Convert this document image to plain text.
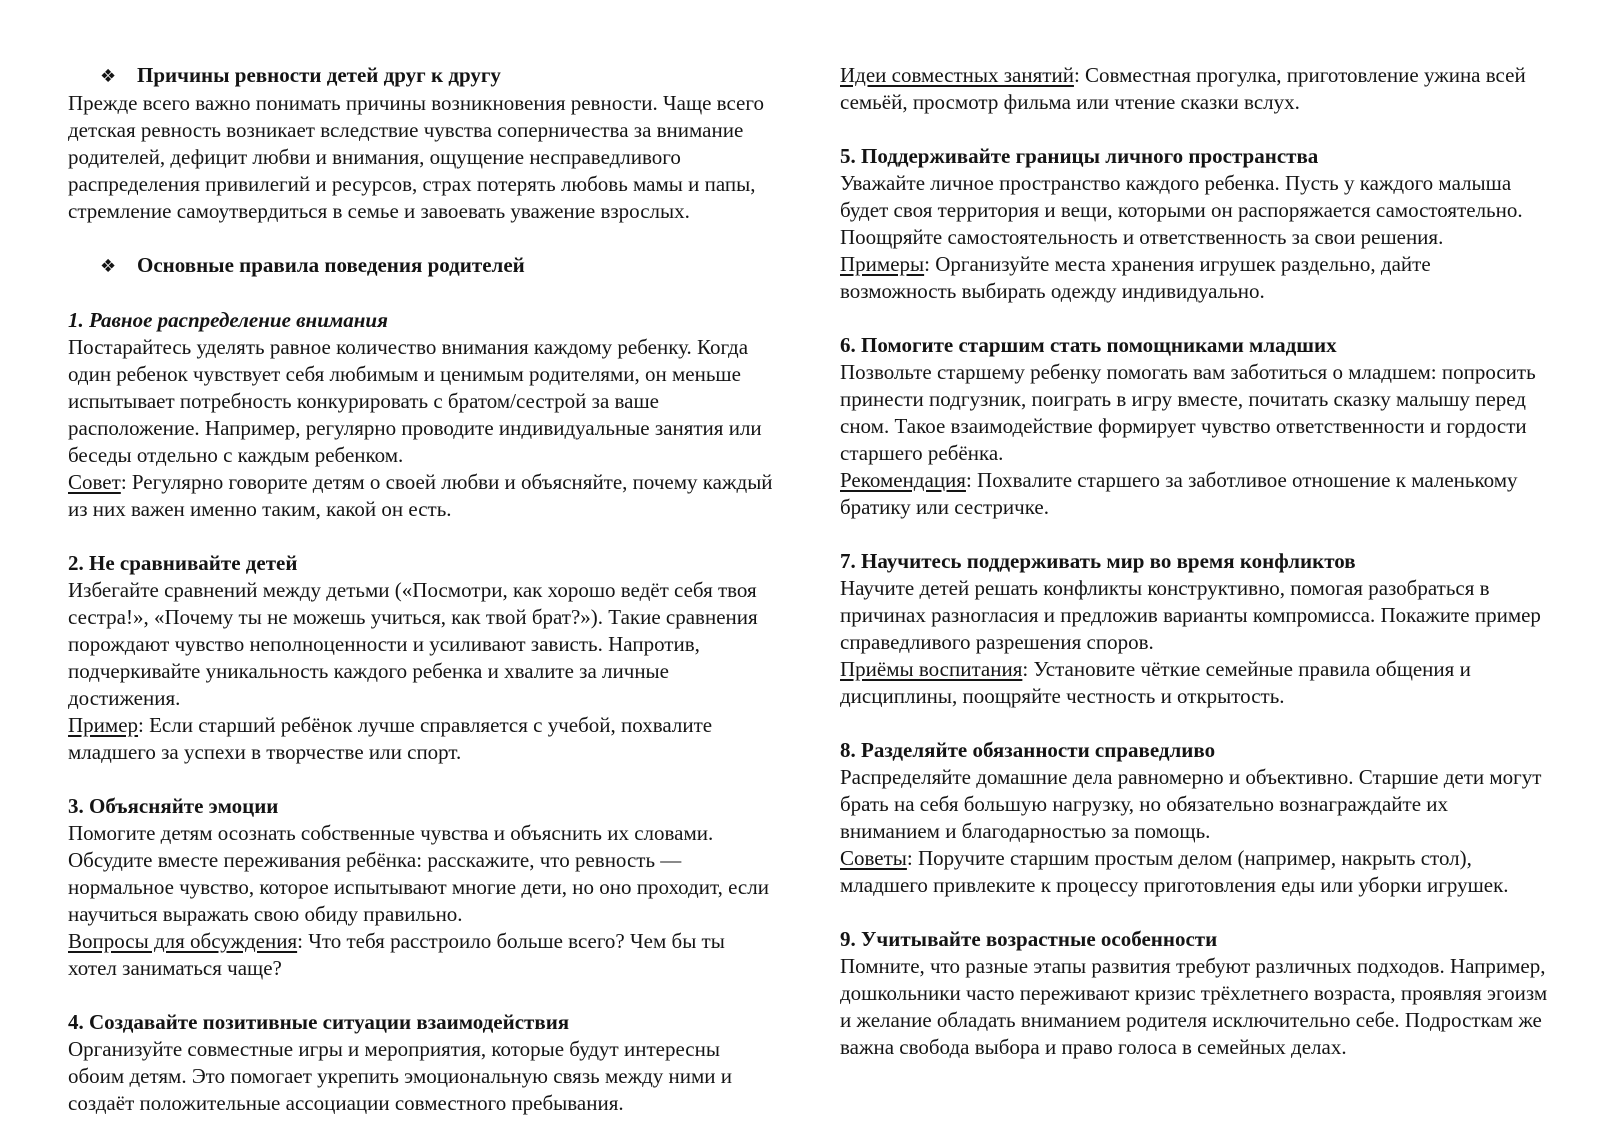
❖ Причины ревности детей друг к другу

Прежде всего важно понимать причины возникновения ревности. Чаще всего детская ревность возникает вследствие чувства соперничества за внимание родителей, дефицит любви и внимания, ощущение несправедливого распределения привилегий и ресурсов, страх потерять любовь мамы и папы, стремление самоутвердиться в семье и завоевать уважение взрослых.

❖ Основные правила поведения родителей
1. Равное распределение внимания

Постарайтесь уделять равное количество внимания каждому ребенку. Когда один ребенок чувствует себя любимым и ценимым родителями, он меньше испытывает потребность конкурировать с братом/сестрой за ваше расположение. Например, регулярно проводите индивидуальные занятия или беседы отдельно с каждым ребенком.

Совет: Регулярно говорите детям о своей любви и объясняйте, почему каждый из них важен именно таким, какой он есть.

2. Не сравнивайте детей

Избегайте сравнений между детьми («Посмотри, как хорошо ведёт себя твоя сестра!», «Почему ты не можешь учиться, как твой брат?»). Такие сравнения порождают чувство неполноценности и усиливают зависть. Напротив, подчеркивайте уникальность каждого ребенка и хвалите за личные достижения.

Пример: Если старший ребёнок лучше справляется с учебой, похвалите младшего за успехи в творчестве или спорт.

3. Объясняйте эмоции

Помогите детям осознать собственные чувства и объяснить их словами. Обсудите вместе переживания ребёнка: расскажите, что ревность — нормальное чувство, которое испытывают многие дети, но оно проходит, если научиться выражать свою обиду правильно.

Вопросы для обсуждения: Что тебя расстроило больше всего? Чем бы ты хотел заниматься чаще?

4. Создавайте позитивные ситуации взаимодействия

Организуйте совместные игры и мероприятия, которые будут интересны обоим детям. Это помогает укрепить эмоциональную связь между ними и создаёт положительные ассоциации совместного пребывания.

Идеи совместных занятий: Совместная прогулка, приготовление ужина всей семьёй, просмотр фильма или чтение сказки вслух.

5. Поддерживайте границы личного пространства

Уважайте личное пространство каждого ребенка. Пусть у каждого малыша будет своя территория и вещи, которыми он распоряжается самостоятельно. Поощряйте самостоятельность и ответственность за свои решения.

Примеры: Организуйте места хранения игрушек раздельно, дайте возможность выбирать одежду индивидуально.

6. Помогите старшим стать помощниками младших

Позвольте старшему ребенку помогать вам заботиться о младшем: попросить принести подгузник, поиграть в игру вместе, почитать сказку малышу перед сном. Такое взаимодействие формирует чувство ответственности и гордости старшего ребёнка.

Рекомендация: Похвалите старшего за заботливое отношение к маленькому братику или сестричке.

7. Научитесь поддерживать мир во время конфликтов

Научите детей решать конфликты конструктивно, помогая разобраться в причинах разногласия и предложив варианты компромисса. Покажите пример справедливого разрешения споров.

Приёмы воспитания: Установите чёткие семейные правила общения и дисциплины, поощряйте честность и открытость.

8. Разделяйте обязанности справедливо

Распределяйте домашние дела равномерно и объективно. Старшие дети могут брать на себя большую нагрузку, но обязательно вознаграждайте их вниманием и благодарностью за помощь.

Советы: Поручите старшим простым делом (например, накрыть стол), младшего привлеките к процессу приготовления еды или уборки игрушек.

9. Учитывайте возрастные особенности

Помните, что разные этапы развития требуют различных подходов. Например, дошкольники часто переживают кризис трёхлетнего возраста, проявляя эгоизм и желание обладать вниманием родителя исключительно себе. Подросткам же важна свобода выбора и право голоса в семейных делах.
